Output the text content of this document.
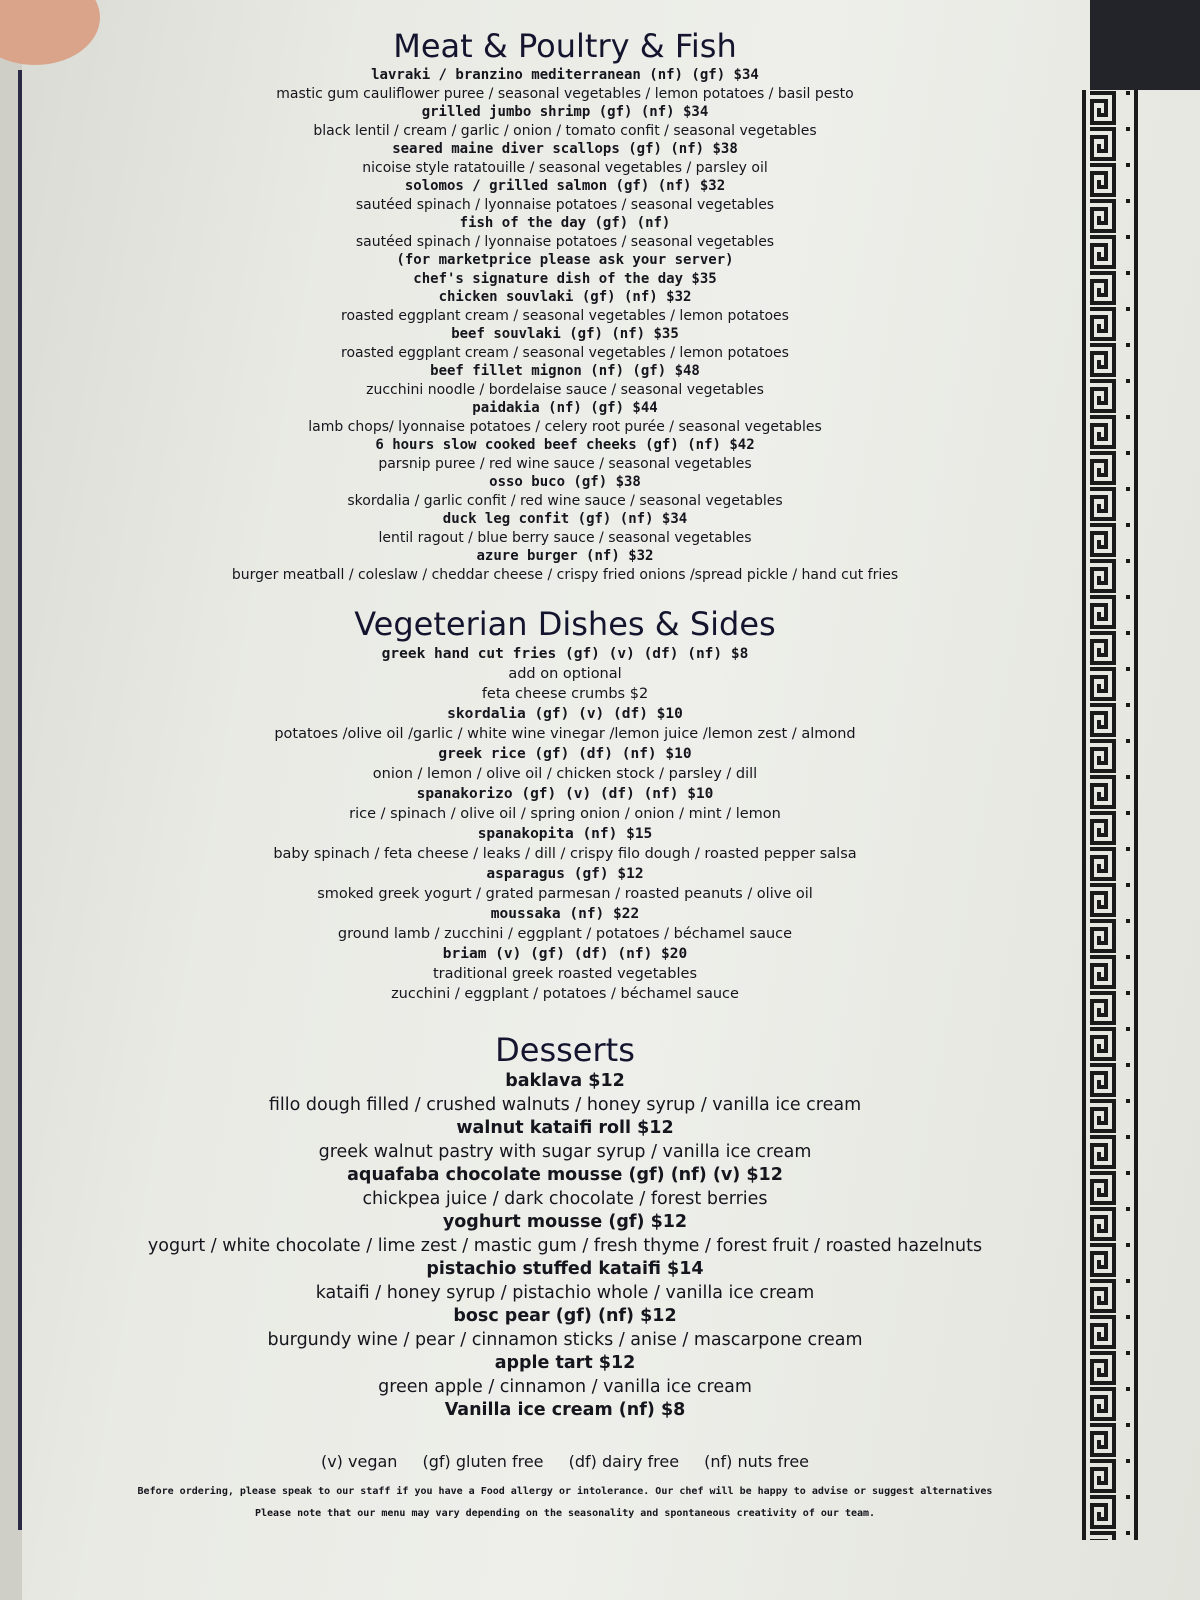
Meat & Poultry & Fish
lavraki / branzino mediterranean (nf) (gf) $34
mastic gum cauliflower puree / seasonal vegetables / lemon potatoes / basil pesto
grilled jumbo shrimp (gf) (nf) $34
black lentil / cream / garlic / onion / tomato confit / seasonal vegetables
seared maine diver scallops (gf) (nf) $38
nicoise style ratatouille / seasonal vegetables / parsley oil
solomos / grilled salmon (gf) (nf) $32
sautéed spinach / lyonnaise potatoes / seasonal vegetables
fish of the day (gf) (nf)
sautéed spinach / lyonnaise potatoes / seasonal vegetables
(for marketprice please ask your server)
chef's signature dish of the day $35
chicken souvlaki (gf) (nf) $32
roasted eggplant cream / seasonal vegetables / lemon potatoes
beef souvlaki (gf) (nf) $35
roasted eggplant cream / seasonal vegetables / lemon potatoes
beef fillet mignon (nf) (gf) $48
zucchini noodle / bordelaise sauce / seasonal vegetables
paidakia (nf) (gf) $44
lamb chops/ lyonnaise potatoes / celery root purée / seasonal vegetables
6 hours slow cooked beef cheeks (gf) (nf) $42
parsnip puree / red wine sauce / seasonal vegetables
osso buco (gf) $38
skordalia / garlic confit / red wine sauce / seasonal vegetables
duck leg confit (gf) (nf) $34
lentil ragout / blue berry sauce / seasonal vegetables
azure burger (nf) $32
burger meatball / coleslaw / cheddar cheese / crispy fried onions /spread pickle / hand cut fries
Vegeterian Dishes & Sides
greek hand cut fries (gf) (v) (df) (nf) $8
add on optional
feta cheese crumbs $2
skordalia (gf) (v) (df) $10
potatoes /olive oil /garlic / white wine vinegar /lemon juice /lemon zest / almond
greek rice (gf) (df) (nf) $10
onion / lemon / olive oil / chicken stock / parsley / dill
spanakorizo (gf) (v) (df) (nf) $10
rice / spinach / olive oil / spring onion / onion / mint / lemon
spanakopita (nf) $15
baby spinach / feta cheese / leaks / dill / crispy filo dough / roasted pepper salsa
asparagus (gf) $12
smoked greek yogurt / grated parmesan / roasted peanuts / olive oil
moussaka (nf) $22
ground lamb / zucchini / eggplant / potatoes / béchamel sauce
briam (v) (gf) (df) (nf) $20
traditional greek roasted vegetables
zucchini / eggplant / potatoes / béchamel sauce
Desserts
baklava $12
fillo dough filled / crushed walnuts / honey syrup / vanilla ice cream
walnut kataifi roll $12
greek walnut pastry with sugar syrup / vanilla ice cream
aquafaba chocolate mousse (gf) (nf) (v) $12
chickpea juice / dark chocolate / forest berries
yoghurt mousse (gf) $12
yogurt / white chocolate / lime zest / mastic gum / fresh thyme / forest fruit / roasted hazelnuts
pistachio stuffed kataifi $14
kataifi / honey syrup / pistachio whole / vanilla ice cream
bosc pear (gf) (nf) $12
burgundy wine / pear / cinnamon sticks / anise / mascarpone cream
apple tart $12
green apple / cinnamon / vanilla ice cream
Vanilla ice cream (nf) $8
(v) vegan (gf) gluten free (df) dairy free (nf) nuts free
Before ordering, please speak to our staff if you have a Food allergy or intolerance. Our chef will be happy to advise or suggest alternatives
Please note that our menu may vary depending on the seasonality and spontaneous creativity of our team.
